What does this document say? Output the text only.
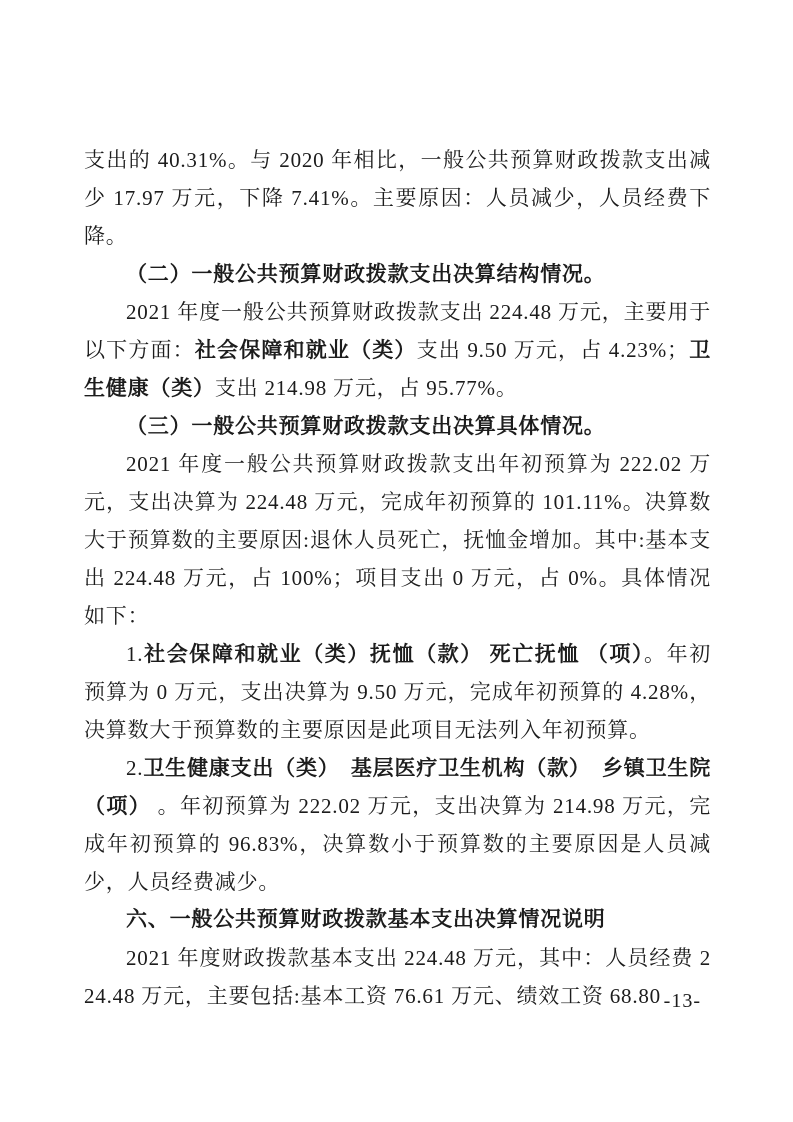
支出的 40.31%。与 2020 年相比，一般公共预算财政拨款支出减少 17.97 万元，下降 7.41%。主要原因：人员减少，人员经费下降。

（二）一般公共预算财政拨款支出决算结构情况。

2021 年度一般公共预算财政拨款支出 224.48 万元，主要用于以下方面：社会保障和就业（类）支出 9.50 万元，占 4.23%；卫生健康（类）支出 214.98 万元，占 95.77%。

（三）一般公共预算财政拨款支出决算具体情况。

2021 年度一般公共预算财政拨款支出年初预算为 222.02 万元，支出决算为 224.48 万元，完成年初预算的 101.11%。决算数大于预算数的主要原因:退休人员死亡，抚恤金增加。其中:基本支出 224.48 万元，占 100%；项目支出 0 万元，占 0%。具体情况如下：

1.社会保障和就业（类）抚恤（款） 死亡抚恤 （项）。年初预算为 0 万元，支出决算为 9.50 万元，完成年初预算的 4.28%，决算数大于预算数的主要原因是此项目无法列入年初预算。

2.卫生健康支出（类）　基层医疗卫生机构（款）　乡镇卫生院（项） 。年初预算为 222.02 万元，支出决算为 214.98 万元，完成年初预算的 96.83%，决算数小于预算数的主要原因是人员减少，人员经费减少。

六、一般公共预算财政拨款基本支出决算情况说明

2021 年度财政拨款基本支出 224.48 万元，其中：人员经费 224.48 万元，主要包括:基本工资 76.61 万元、绩效工资 68.80 -13-
